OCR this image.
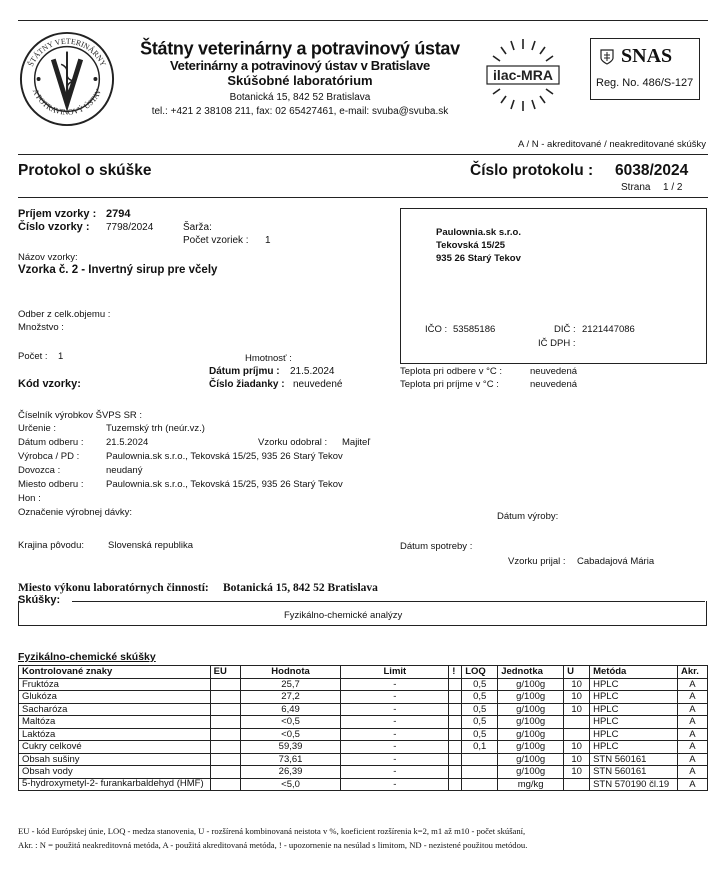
ŠTÁTNY VETERINÁRNY
A POTRAVINOVÝ ÚSTAV
Štátny veterinárny a potravinový ústav
Veterinárny a potravinový ústav v Bratislave
Skúšobné laboratórium
Botanická 15, 842 52 Bratislava
tel.: +421 2 38108 211, fax: 02 65427461, e-mail: svuba@svuba.sk
ilac-MRA
SNAS
Reg. No. 486/S-127
A / N - akreditované / neakreditované skúšky
Protokol o skúške	Číslo protokolu : 6038/2024
Strana 1 / 2
Príjem vzorky : 2794
Číslo vzorky : 7798/2024	Šarža:
Počet vzoriek : 1
Názov vzorky:
Vzorka č. 2 - Invertný sirup pre včely
Odber z celk.objemu :
Množstvo :
Počet : 1	Hmotnosť :
Dátum príjmu : 21.5.2024
Kód vzorky:	Číslo žiadanky : neuvedené
Paulownia.sk s.r.o.
Tekovská 15/25
935 26 Starý Tekov
IČO : 53585186	DIČ : 2121447086
IČ DPH :
Teplota pri odbere v °C :	neuvedená
Teplota pri príjme v °C :	neuvedená
Číselník výrobkov ŠVPS SR :
Určenie :	Tuzemský trh (neúr.vz.)
Dátum odberu : 21.5.2024	Vzorku odobral : Majiteľ
Výrobca / PD :	Paulownia.sk s.r.o., Tekovská 15/25, 935 26 Starý Tekov
Dovozca :	neudaný
Miesto odberu : Paulownia.sk s.r.o., Tekovská 15/25, 935 26 Starý Tekov
Hon :
Označenie výrobnej dávky:	Dátum výroby:
Krajina pôvodu:	Slovenská republika	Dátum spotreby :
Vzorku prijal : Cabadajová Mária
Miesto výkonu laboratórnych činností: Botanická 15, 842 52 Bratislava
Skúšky:
Fyzikálno-chemické analýzy
Fyzikálno-chemické skúšky
Kontrolované znaky	EU	Hodnota	Limit	!	LOQ	Jednotka	U	Metóda	Akr.
Fruktóza		25,7	-		0,5	g/100g	10	HPLC	A
Glukóza		27,2	-		0,5	g/100g	10	HPLC	A
Sacharóza		6,49	-		0,5	g/100g	10	HPLC	A
Maltóza		<0,5	-		0,5	g/100g		HPLC	A
Laktóza		<0,5	-		0,5	g/100g		HPLC	A
Cukry celkové		59,39	-		0,1	g/100g	10	HPLC	A
Obsah sušiny		73,61	-			g/100g	10	STN 560161	A
Obsah vody		26,39	-			g/100g	10	STN 560161	A
5-hydroxymetyl-2- furankarbaldehyd (HMF)		<5,0	-			mg/kg		STN 570190 čl.19	A
EU - kód Európskej únie, LOQ - medza stanovenia, U - rozšírená kombinovaná neistota v %, koeficient rozšírenia k=2, m1 až m10 - počet skúšaní,
Akr. : N = použitá neakreditovná metóda, A - použitá akreditovaná metóda, ! - upozornenie na nesúlad s limitom, ND - nezistené použitou metódou.
